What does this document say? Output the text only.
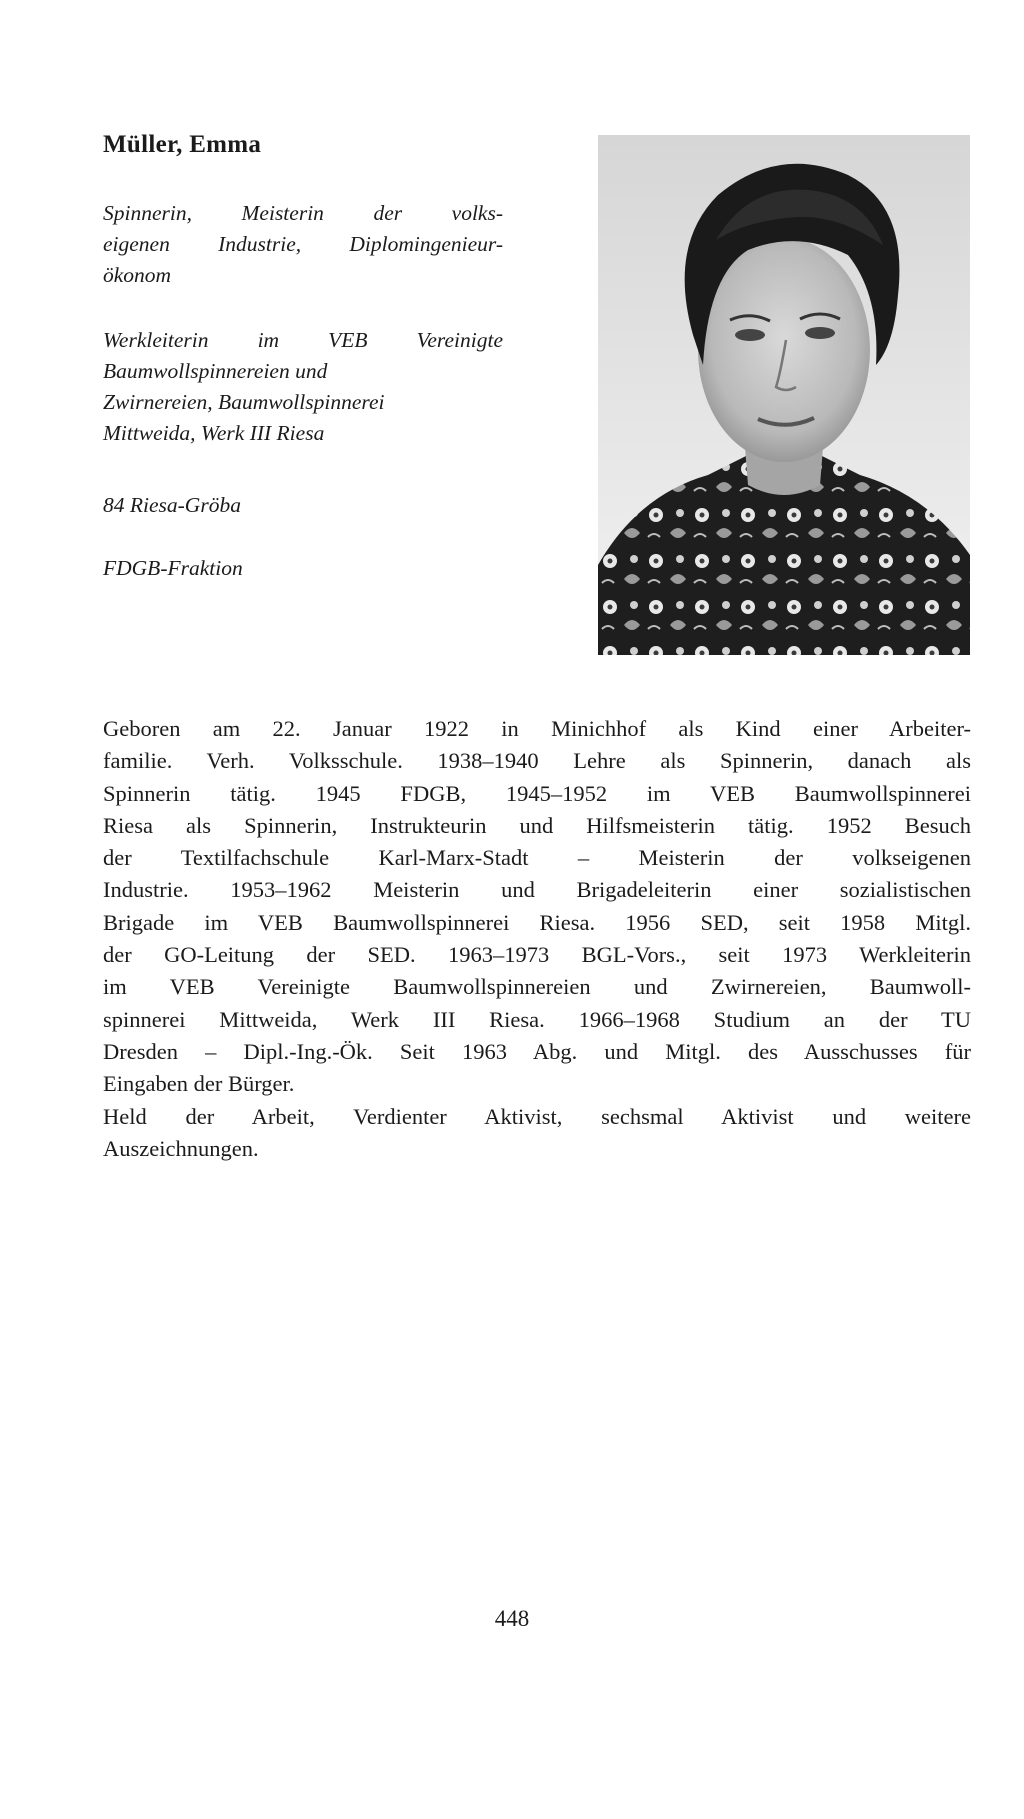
Müller, Emma
Spinnerin, Meisterin der volks-
eigenen Industrie, Diplomingenieur-
ökonom
Werkleiterin im VEB Vereinigte
Baumwollspinnereien und
Zwirnereien, Baumwollspinnerei
Mittweida, Werk III Riesa
84 Riesa-Gröba
FDGB-Fraktion
Geboren am 22. Januar 1922 in Minichhof als Kind einer Arbeiter-
familie. Verh. Volksschule. 1938–1940 Lehre als Spinnerin, danach als
Spinnerin tätig. 1945 FDGB, 1945–1952 im VEB Baumwollspinnerei
Riesa als Spinnerin, Instrukteurin und Hilfsmeisterin tätig. 1952 Besuch
der Textilfachschule Karl-Marx-Stadt – Meisterin der volkseigenen
Industrie. 1953–1962 Meisterin und Brigadeleiterin einer sozialistischen
Brigade im VEB Baumwollspinnerei Riesa. 1956 SED, seit 1958 Mitgl.
der GO-Leitung der SED. 1963–1973 BGL-Vors., seit 1973 Werkleiterin
im VEB Vereinigte Baumwollspinnereien und Zwirnereien, Baumwoll-
spinnerei Mittweida, Werk III Riesa. 1966–1968 Studium an der TU
Dresden – Dipl.-Ing.-Ök. Seit 1963 Abg. und Mitgl. des Ausschusses für
Eingaben der Bürger.
Held der Arbeit, Verdienter Aktivist, sechsmal Aktivist und weitere
Auszeichnungen.
448
